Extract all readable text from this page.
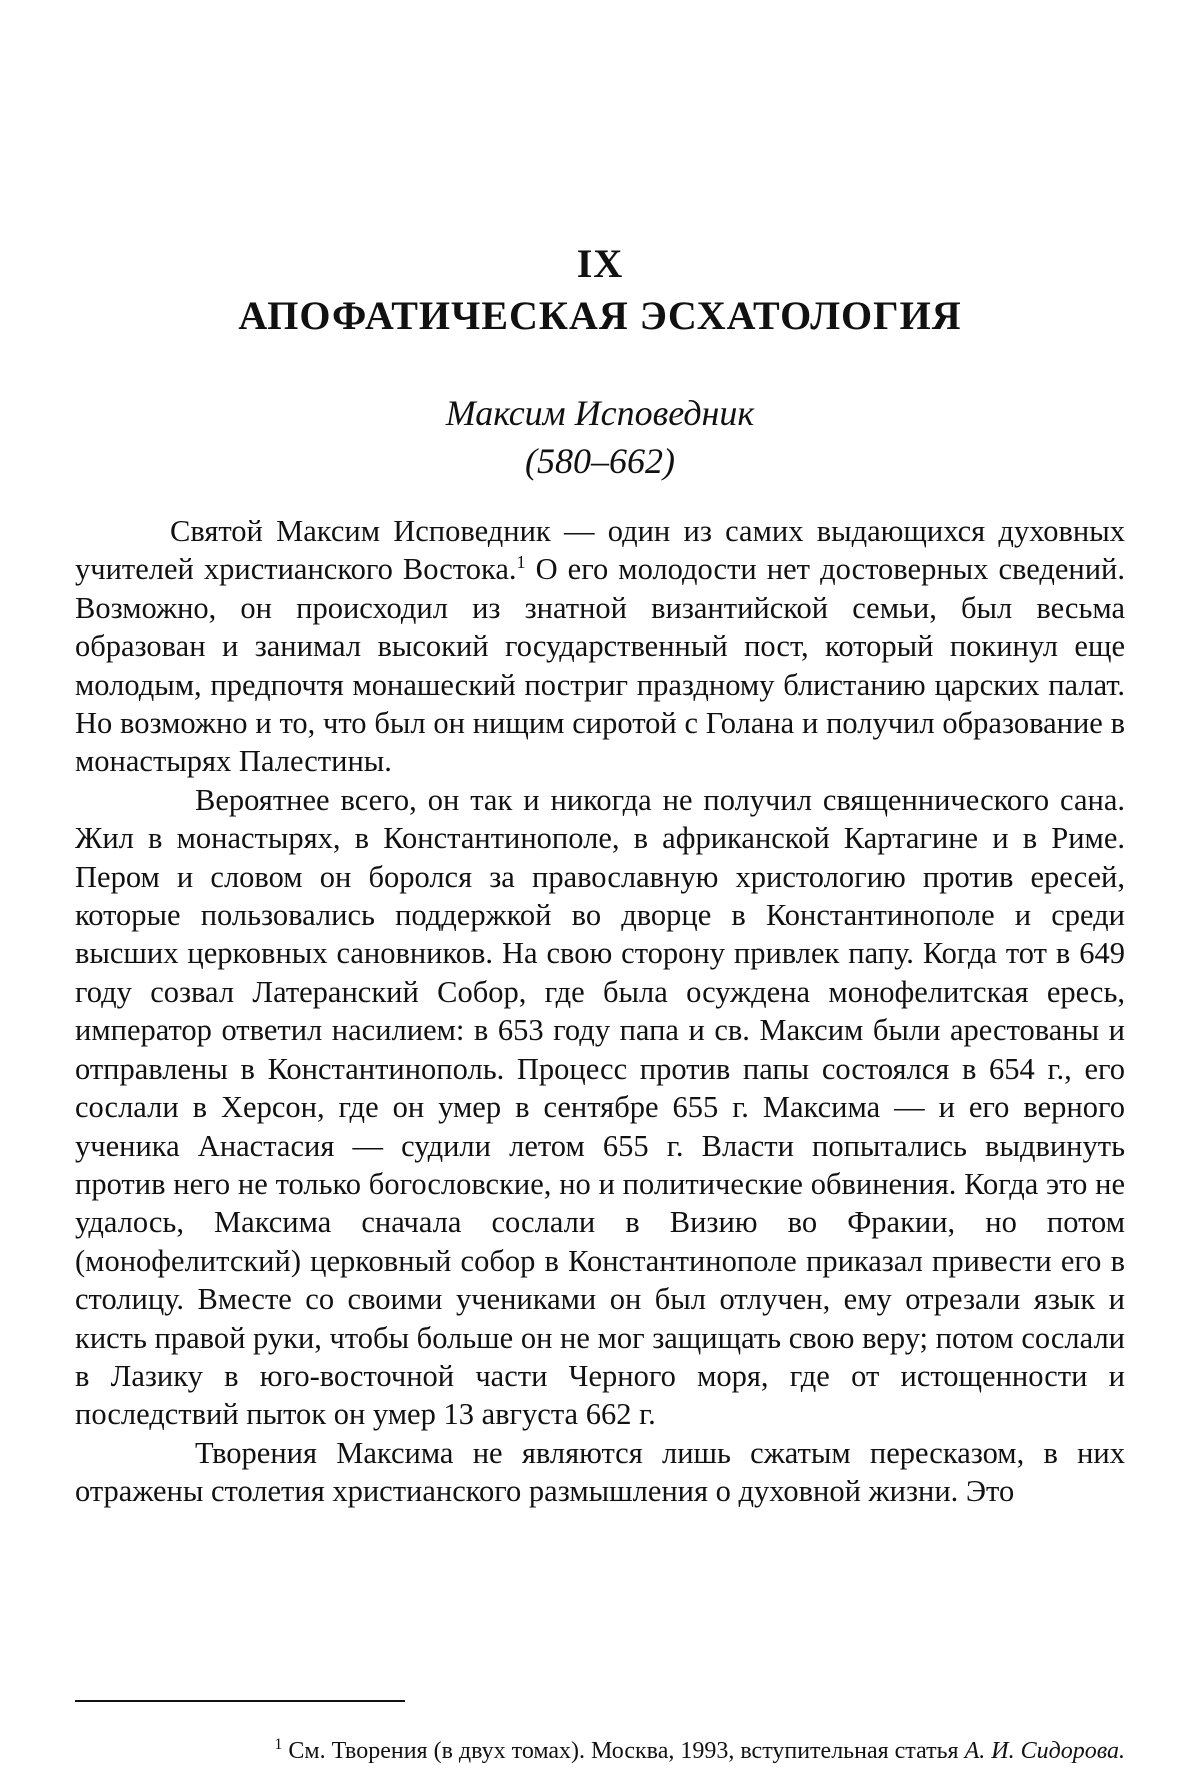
IX
АПОФАТИЧЕСКАЯ ЭСХАТОЛОГИЯ
Максим Исповедник
(580–662)

Святой Максим Исповедник — один из самих выдающихся духовных учителей христианского Востока.$^1$ О его молодости нет достоверных сведений. Возможно, он происходил из знатной византийской семьи, был весьма образован и занимал высокий государственный пост, который покинул еще молодым, предпочтя монашеский постриг праздному блистанию царских палат. Но возможно и то, что был он нищим сиротой с Голана и получил образование в монастырях Палестины.

Вероятнее всего, он так и никогда не получил священнического сана. Жил в монастырях, в Константинополе, в африканской Картагине и в Риме. Пером и словом он боролся за православную христологию против ересей, которые пользовались поддержкой во дворце в Константинополе и среди высших церковных сановников. На свою сторону привлек папу. Когда тот в 649 году созвал Латеранский Собор, где была осуждена монофелитская ересь, император ответил насилием: в 653 году папа и св. Максим были арестованы и отправлены в Константинополь. Процесс против папы состоялся в 654 г., его сослали в Херсон, где он умер в сентябре 655 г. Максима — и его верного ученика Анастасия — судили летом 655 г. Власти попытались выдвинуть против него не только богословские, но и политические обвинения. Когда это не удалось, Максима сначала сослали в Визию во Фракии, но потом (монофелитский) церковный собор в Константинополе приказал привести его в столицу. Вместе со своими учениками он был отлучен, ему отрезали язык и кисть правой руки, чтобы больше он не мог защищать свою веру; потом сослали в Лазику в юго-восточной части Черного моря, где от истощенности и последствий пыток он умер 13 августа 662 г.

Творения Максима не являются лишь сжатым пересказом, в них отражены столетия христианского размышления о духовной жизни. Это

$^1$ См. Творения (в двух томах). Москва, 1993, вступительная статья А. И. Сидорова.
